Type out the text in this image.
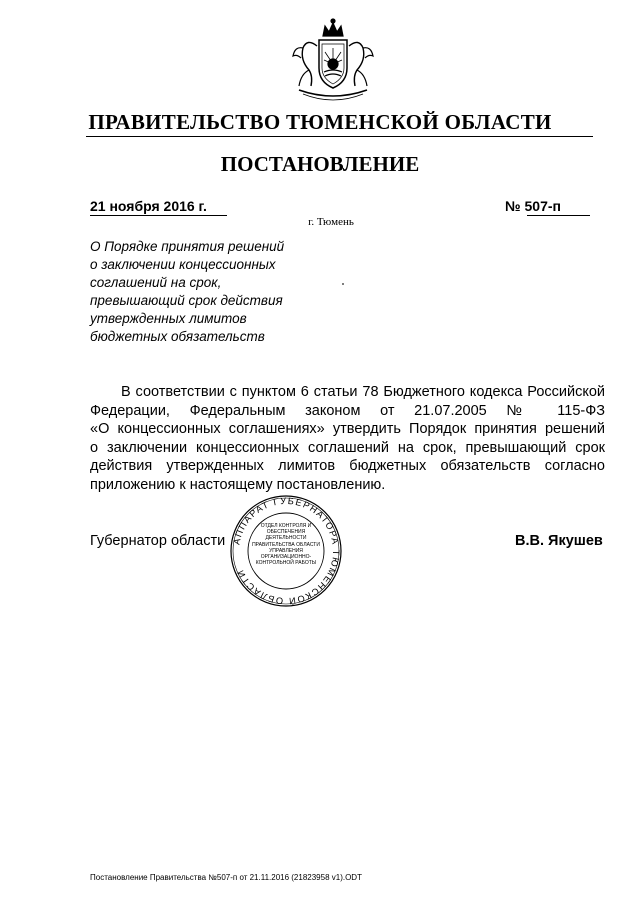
ПРАВИТЕЛЬСТВО ТЮМЕНСКОЙ ОБЛАСТИ
ПОСТАНОВЛЕНИЕ
21 ноября 2016 г.	№ 507-п
г. Тюмень
О Порядке принятия решений
о заключении концессионных
соглашений на срок,
превышающий срок действия
утвержденных лимитов
бюджетных обязательств
В соответствии с пунктом 6 статьи 78 Бюджетного кодекса Российской
Федерации, Федеральным законом от 21.07.2005 № 115-ФЗ
«О концессионных соглашениях» утвердить Порядок принятия решений
о заключении концессионных соглашений на срок, превышающий срок
действия утвержденных лимитов бюджетных обязательств согласно
приложению к настоящему постановлению.
Губернатор области	В.В. Якушев
АППАРАТ ГУБЕРНАТОРА ТЮМЕНСКОЙ ОБЛАСТИ
ОТДЕЛ КОНТРОЛЯ И ОБЕСПЕЧЕНИЯ ДЕЯТЕЛЬНОСТИ ПРАВИТЕЛЬСТВА ОБЛАСТИ УПРАВЛЕНИЯ ОРГАНИЗАЦИОННО-КОНТРОЛЬНОЙ РАБОТЫ
Постановление Правительства №507-п от 21.11.2016 (21823958 v1).ODT
